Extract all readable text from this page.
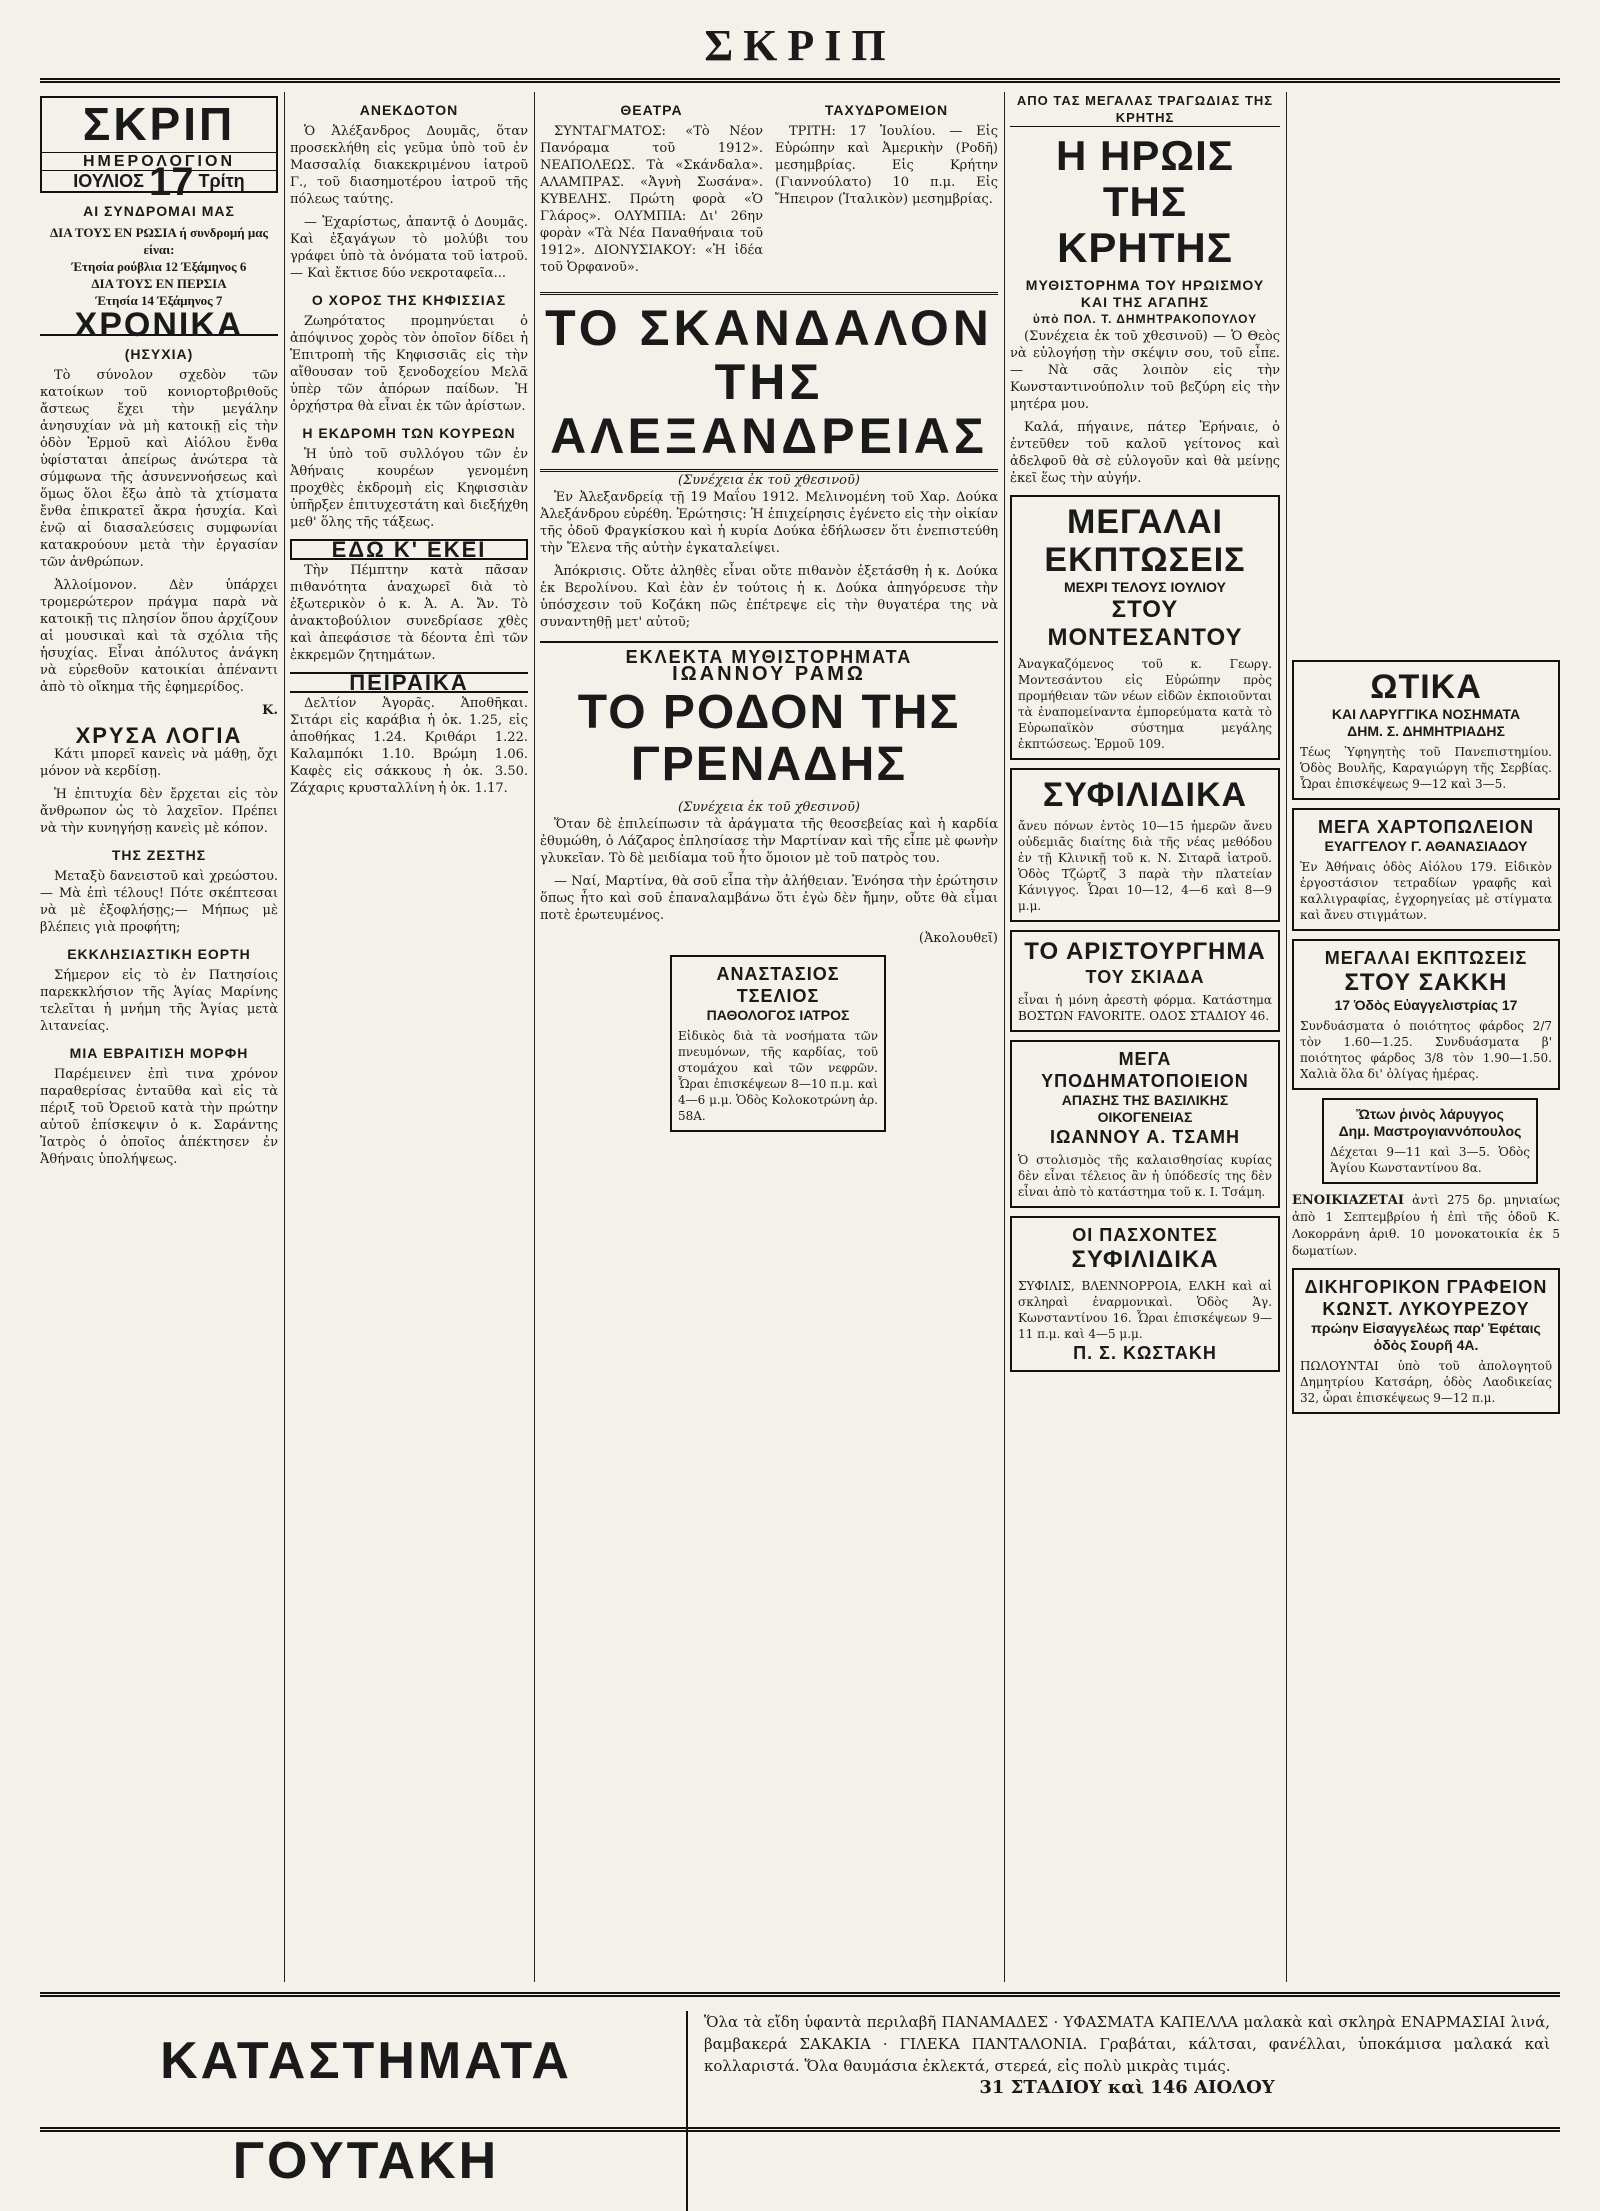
ΣΚΡΙΠ
ΣΚΡΙΠ
ΗΜΕΡΟΛΟΓΙΟΝ
ΙΟΥΛΙΟΣ 17 Τρίτη
ΑΙ ΣΥΝΔΡΟΜΑΙ ΜΑΣ
ΔΙΑ ΤΟΥΣ ΕΝ ΡΩΣΙΑ ή συνδρομή μας είναι:
Έτησία ρούβλια 12 Έξάμηνος 6
ΔΙΑ ΤΟΥΣ ΕΝ ΠΕΡΣΙΑ
Έτησία 14 Έξάμηνος 7
ΧΡΟΝΙΚΑ
(ΗΣΥΧΙΑ)

Τὸ σύνολον σχεδὸν τῶν κατοίκων τοῦ κονιορτοβριθοῦς ἄστεως ἔχει τὴν μεγάλην ἀνησυχίαν νὰ μὴ κατοικῇ εἰς τὴν ὁδὸν Ἑρμοῦ καὶ Αἰόλου ἔνθα ὑφίσταται ἀπείρως ἀνώτερα τὰ σύμφωνα τῆς ἀσυνεννοήσεως καὶ ὅμως ὅλοι ἔξω ἀπὸ τὰ χτίσματα ἔνθα ἐπικρατεῖ ἄκρα ἡσυχία. Καὶ ἐνῷ αἱ διασαλεύσεις συμφωνίαι κατακρούουν μετὰ τὴν ἐργασίαν τῶν ἀνθρώπων.

Ἀλλοίμονον. Δὲν ὑπάρχει τρομερώτερον πράγμα παρὰ νὰ κατοικῇ τις πλησίον ὅπου ἀρχίζουν αἱ μουσικαὶ καὶ τὰ σχόλια τῆς ἡσυχίας. Εἶναι ἀπόλυτος ἀνάγκη νὰ εὑρεθοῦν κατοικίαι ἀπέναντι ἀπὸ τὸ οἴκημα τῆς ἐφημερίδος.

Κ.
ΧΡΥΣΑ ΛΟΓΙΑ

Κάτι μπορεῖ κανεὶς νὰ μάθῃ, ὄχι μόνον νὰ κερδίσῃ.

Ἡ ἐπιτυχία δὲν ἔρχεται εἰς τὸν ἄνθρωπον ὡς τὸ λαχεῖον. Πρέπει νὰ τὴν κυνηγήσῃ κανεὶς μὲ κόπον.

ΤΗΣ ΖΕΣΤΗΣ

Μεταξὺ δανειστοῦ καὶ χρεώστου.— Μὰ ἐπὶ τέλους! Πότε σκέπτεσαι νὰ μὲ ἐξοφλήσῃς;— Μήπως μὲ βλέπεις γιὰ προφήτη;

ΕΚΚΛΗΣΙΑΣΤΙΚΗ ΕΟΡΤΗ

Σήμερον εἰς τὸ ἐν Πατησίοις παρεκκλήσιον τῆς Ἁγίας Μαρίνης τελεῖται ἡ μνήμη τῆς Ἁγίας μετὰ λιτανείας.

ΜΙΑ ΕΒΡΑΙΤΙΣΗ ΜΟΡΦΗ

Παρέμεινεν ἐπὶ τινα χρόνον παραθερίσας ἐνταῦθα καὶ εἰς τὰ πέριξ τοῦ Ὀρειοῦ κατὰ τὴν πρώτην αὐτοῦ ἐπίσκεψιν ὁ κ. Σαράντης Ἰατρὸς ὁ ὁποῖος ἀπέκτησεν ἐν Ἀθήναις ὑπολήψεως.

ΑΝΕΚΔΟΤΟΝ

Ὁ Ἀλέξανδρος Δουμᾶς, ὅταν προσεκλήθη εἰς γεῦμα ὑπὸ τοῦ ἐν Μασσαλίᾳ διακεκριμένου ἰατροῦ Γ., τοῦ διασημοτέρου ἰατροῦ τῆς πόλεως ταύτης.

— Ἐχαρίστως, ἀπαντᾷ ὁ Δουμᾶς. Καὶ ἐξαγάγων τὸ μολύβι του γράφει ὑπὸ τὰ ὀνόματα τοῦ ἰατροῦ.— Καὶ ἔκτισε δύο νεκροταφεῖα...

Ο ΧΟΡΟΣ ΤΗΣ ΚΗΦΙΣΣΙΑΣ

Ζωηρότατος προμηνύεται ὁ ἀπόψινος χορὸς τὸν ὁποῖον δίδει ἡ Ἐπιτροπὴ τῆς Κηφισσιᾶς εἰς τὴν αἴθουσαν τοῦ ξενοδοχείου Μελᾶ ὑπὲρ τῶν ἀπόρων παίδων. Ἡ ὀρχήστρα θὰ εἶναι ἐκ τῶν ἀρίστων.

Η ΕΚΔΡΟΜΗ ΤΩΝ ΚΟΥΡΕΩΝ

Ἡ ὑπὸ τοῦ συλλόγου τῶν ἐν Ἀθήναις κουρέων γενομένη προχθὲς ἐκδρομὴ εἰς Κηφισσιὰν ὑπῆρξεν ἐπιτυχεστάτη καὶ διεξήχθη μεθ' ὅλης τῆς τάξεως.

ΕΔΩ Κ' ΕΚΕΙ

Τὴν Πέμπτην κατὰ πᾶσαν πιθανότητα ἀναχωρεῖ διὰ τὸ ἐξωτερικὸν ὁ κ. Ἀ. Α. Ἄν. Τὸ ἀνακτοβούλιον συνεδρίασε χθὲς καὶ ἀπεφάσισε τὰ δέοντα ἐπὶ τῶν ἐκκρεμῶν ζητημάτων.

ΠΕΙΡΑΙΚΑ

Δελτίον Ἀγορᾶς. Ἀποθῆκαι. Σιτάρι εἰς καράβια ἡ ὀκ. 1.25, εἰς ἀποθήκας 1.24. Κριθάρι 1.22. Καλαμπόκι 1.10. Βρώμη 1.06. Καφὲς εἰς σάκκους ἡ ὀκ. 3.50. Ζάχαρις κρυσταλλίνη ἡ ὀκ. 1.17.

ΘΕΑΤΡΑ

ΣΥΝΤΑΓΜΑΤΟΣ: «Τὸ Νέον Πανόραμα τοῦ 1912». ΝΕΑΠΟΛΕΩΣ. Τὰ «Σκάνδαλα». ΑΛΑΜΠΡΑΣ. «Ἀγνὴ Σωσάνα». ΚΥΒΕΛΗΣ. Πρώτη φορὰ «Ὁ Γλάρος». ΟΛΥΜΠΙΑ: Δι' 26ην φορὰν «Τὰ Νέα Παναθήναια τοῦ 1912». ΔΙΟΝΥΣΙΑΚΟΥ: «Ἡ ἰδέα τοῦ Ὀρφανοῦ».

ΤΑΧΥΔΡΟΜΕΙΟΝ

ΤΡΙΤΗ: 17 Ἰουλίου. — Εἰς Εὐρώπην καὶ Ἀμερικὴν (Ροδῆ) μεσημβρίας. Εἰς Κρήτην (Γιαννούλατο) 10 π.μ. Εἰς Ἤπειρον (Ἰταλικὸν) μεσημβρίας.

ΤΟ ΣΚΑΝΔΑΛΟΝ
ΤΗΣ ΑΛΕΞΑΝΔΡΕΙΑΣ
(Συνέχεια ἐκ τοῦ χθεσινοῦ)

Ἐν Ἀλεξανδρείᾳ τῇ 19 Μαΐου 1912. Μελινομένη τοῦ Χαρ. Δούκα Ἀλεξάνδρου εὑρέθη. Ἐρώτησις: Ἡ ἐπιχείρησις ἐγένετο εἰς τὴν οἰκίαν τῆς ὁδοῦ Φραγκίσκου καὶ ἡ κυρία Δούκα ἐδήλωσεν ὅτι ἐνεπιστεύθη τὴν Ἔλενα τῆς αὐτὴν ἐγκαταλείψει.

Ἀπόκρισις. Οὔτε ἀληθὲς εἶναι οὔτε πιθανὸν ἐξετάσθη ἡ κ. Δούκα ἐκ Βερολίνου. Καὶ ἐὰν ἐν τούτοις ἡ κ. Δούκα ἀπηγόρευσε τὴν ὑπόσχεσιν τοῦ Κοζάκη πῶς ἐπέτρεψε εἰς τὴν θυγατέρα της νὰ συναντηθῇ μετ' αὐτοῦ;

ΕΚΛΕΚΤΑ ΜΥΘΙΣΤΟΡΗΜΑΤΑ
ΙΩΑΝΝΟΥ ΡΑΜΩ
ΤΟ ΡΟΔΟΝ ΤΗΣ ΓΡΕΝΑΔΗΣ
(Συνέχεια ἐκ τοῦ χθεσινοῦ)

Ὅταν δὲ ἐπιλείπωσιν τὰ ἀράγματα τῆς θεοσεβείας καὶ ἡ καρδία ἐθυμώθη, ὁ Λάζαρος ἐπλησίασε τὴν Μαρτίναν καὶ τῆς εἶπε μὲ φωνὴν γλυκεῖαν. Τὸ δὲ μειδίαμα τοῦ ἦτο ὅμοιον μὲ τοῦ πατρὸς του.

— Ναί, Μαρτίνα, θὰ σοῦ εἶπα τὴν ἀλήθειαν. Ἐνόησα τὴν ἐρώτησιν ὅπως ἦτο καὶ σοῦ ἐπαναλαμβάνω ὅτι ἐγὼ δὲν ἤμην, οὔτε θὰ εἶμαι ποτὲ ἐρωτευμένος.

(Ἀκολουθεῖ)
ΑΝΑΣΤΑΣΙΟΣ ΤΣΕΛΙΟΣ
ΠΑΘΟΛΟΓΟΣ ΙΑΤΡΟΣ
Εἰδικὸς διὰ τὰ νοσήματα τῶν πνευμόνων, τῆς καρδίας, τοῦ στομάχου καὶ τῶν νεφρῶν. Ὧραι ἐπισκέψεων 8—10 π.μ. καὶ 4—6 μ.μ. Ὁδὸς Κολοκοτρώνη ἀρ. 58Α.
ΑΠΟ ΤΑΣ ΜΕΓΑΛΑΣ ΤΡΑΓΩΔΙΑΣ ΤΗΣ ΚΡΗΤΗΣ
Η ΗΡΩΙΣ ΤΗΣ ΚΡΗΤΗΣ
ΜΥΘΙΣΤΟΡΗΜΑ ΤΟΥ ΗΡΩΙΣΜΟΥ ΚΑΙ ΤΗΣ ΑΓΑΠΗΣ
ὑπὸ ΠΟΛ. Τ. ΔΗΜΗΤΡΑΚΟΠΟΥΛΟΥ

(Συνέχεια ἐκ τοῦ χθεσινοῦ) — Ὁ Θεὸς νὰ εὐλογήσῃ τὴν σκέψιν σου, τοῦ εἶπε. — Νὰ σᾶς λοιπὸν εἰς τὴν Κωνσταντινούπολιν τοῦ βεζύρη εἰς τὴν μητέρα μου.

Καλά, πήγαινε, πάτερ Ἐρήναιε, ὁ ἐντεῦθεν τοῦ καλοῦ γείτονος καὶ ἀδελφοῦ θὰ σὲ εὐλογοῦν καὶ θὰ μείνῃς ἐκεῖ ἕως τὴν αὐγήν.

ΜΕΓΑΛΑΙ ΕΚΠΤΩΣΕΙΣ
ΜΕΧΡΙ ΤΕΛΟΥΣ ΙΟΥΛΙΟΥ
ΣΤΟΥ ΜΟΝΤΕΣΑΝΤΟΥ
Ἀναγκαζόμενος τοῦ κ. Γεωργ. Μοντεσάντου εἰς Εὐρώπην πρὸς προμήθειαν τῶν νέων εἰδῶν ἐκποιοῦνται τὰ ἐναπομείναντα ἐμπορεύματα κατὰ τὸ Εὐρωπαϊκὸν σύστημα μεγάλης ἐκπτώσεως. Ἑρμοῦ 109.
ΣΥΦΙΛΙΔΙΚΑ
ἄνευ πόνων ἐντὸς 10—15 ἡμερῶν ἄνευ οὐδεμιᾶς διαίτης διὰ τῆς νέας μεθόδου ἐν τῇ Κλινικῇ τοῦ κ. Ν. Σιταρᾶ ἰατροῦ. Ὁδὸς Τζώρτζ 3 παρὰ τὴν πλατείαν Κάνιγγος. Ὧραι 10—12, 4—6 καὶ 8—9 μ.μ.
ΤΟ ΑΡΙΣΤΟΥΡΓΗΜΑ
ΤΟΥ ΣΚΙΑΔΑ
εἶναι ἡ μόνη ἀρεστὴ φόρμα. Κατάστημα ΒΟΣΤΩΝ FAVORITE. ΟΔΟΣ ΣΤΑΔΙΟΥ 46.
ΜΕΓΑ ΥΠΟΔΗΜΑΤΟΠΟΙΕΙΟΝ
ΑΠΑΣΗΣ ΤΗΣ ΒΑΣΙΛΙΚΗΣ ΟΙΚΟΓΕΝΕΙΑΣ
ΙΩΑΝΝΟΥ Α. ΤΣΑΜΗ
Ὁ στολισμὸς τῆς καλαισθησίας κυρίας δὲν εἶναι τέλειος ἂν ἡ ὑπόδεσίς της δὲν εἶναι ἀπὸ τὸ κατάστημα τοῦ κ. Ι. Τσάμη.
ΟΙ ΠΑΣΧΟΝΤΕΣ
ΣΥΦΙΛΙΔΙΚΑ
ΣΥΦΙΛΙΣ, ΒΛΕΝΝΟΡΡΟΙΑ, ΕΛΚΗ καὶ αἱ σκληραὶ ἐναρμονικαὶ. Ὁδὸς Ἁγ. Κωνσταντίνου 16. Ὧραι ἐπισκέψεων 9—11 π.μ. καὶ 4—5 μ.μ.
Π. Σ. ΚΩΣΤΑΚΗ
ΩΤΙΚΑ
ΚΑΙ ΛΑΡΥΓΓΙΚΑ ΝΟΣΗΜΑΤΑ
ΔΗΜ. Σ. ΔΗΜΗΤΡΙΑΔΗΣ
Τέως Ὑφηγητὴς τοῦ Πανεπιστημίου. Ὁδὸς Βουλῆς, Καραγιώργη τῆς Σερβίας. Ὧραι ἐπισκέψεως 9—12 καὶ 3—5.
ΜΕΓΑ ΧΑΡΤΟΠΩΛΕΙΟΝ
ΕΥΑΓΓΕΛΟΥ Γ. ΑΘΑΝΑΣΙΑΔΟΥ
Ἐν Ἀθήναις ὁδὸς Αἰόλου 179. Εἰδικὸν ἐργοστάσιον τετραδίων γραφῆς καὶ καλλιγραφίας, ἐγχορηγείας μὲ στίγματα καὶ ἄνευ στιγμάτων.
ΜΕΓΑΛΑΙ ΕΚΠΤΩΣΕΙΣ
ΣΤΟΥ ΣΑΚΚΗ
17 Ὁδὸς Εὐαγγελιστρίας 17
Συνδυάσματα ὁ ποιότητος φάρδος 2/7 τὸν 1.60—1.25. Συνδυάσματα β' ποιότητος φάρδος 3/8 τὸν 1.90—1.50. Χαλιὰ ὅλα δι' ὀλίγας ἡμέρας.
Ὤτων ῥινὸς λάρυγγος
Δημ. Μαστρογιαννόπουλος
Δέχεται 9—11 καὶ 3—5. Ὁδὸς Ἁγίου Κωνσταντίνου 8α.
ΕΝΟΙΚΙΑΖΕΤΑΙ ἀντὶ 275 δρ. μηνιαίως ἀπὸ 1 Σεπτεμβρίου ἡ ἐπὶ τῆς ὁδοῦ Κ. Λοκορράνη ἀριθ. 10 μονοκατοικία ἐκ 5 δωματίων.
ΔΙΚΗΓΟΡΙΚΟΝ ΓΡΑΦΕΙΟΝ
ΚΩΝΣΤ. ΛΥΚΟΥΡΕΖΟΥ
πρώην Εἰσαγγελέως παρ' Ἐφέταις ὁδὸς Σουρῆ 4Α.
ΠΩΛΟΥΝΤΑΙ ὑπὸ τοῦ ἀπολογητοῦ Δημητρίου Κατσάρη, ὁδὸς Λαοδικείας 32, ὧραι ἐπισκέψεως 9—12 π.μ.
ΚΑΤΑΣΤΗΜΑΤΑ ΓΟΥΤΑΚΗ
Ὅλα τὰ εἴδη ὑφαντὰ περιλαβῆ ΠΑΝΑΜΑΔΕΣ · ΥΦΑΣΜΑΤΑ ΚΑΠΕΛΛΑ μαλακὰ καὶ σκληρὰ ΕΝΑΡΜΑΣΙΑΙ λινά, βαμβακερά ΣΑΚΑΚΙΑ · ΓΙΛΕΚΑ ΠΑΝΤΑΛΟΝΙΑ. Γραβάται, κάλτσαι, φανέλλαι, ὑποκάμισα μαλακά καὶ κολλαριστά. Ὅλα θαυμάσια ἐκλεκτά, στερεά, εἰς πολὺ μικρὰς τιμάς.
31 ΣΤΑΔΙΟΥ καὶ 146 ΑΙΟΛΟΥ
